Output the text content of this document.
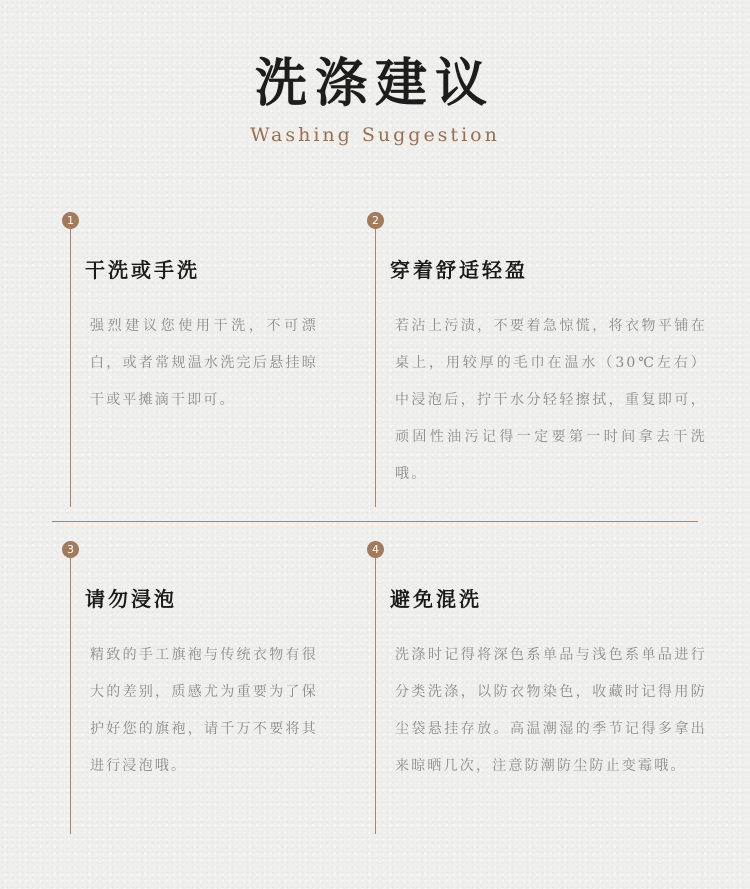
洗涤建议
Washing Suggestion
1
干洗或手洗
强烈建议您使用干洗，不可漂白，或者常规温水洗完后悬挂晾干或平摊滴干即可。
2
穿着舒适轻盈
若沾上污渍，不要着急惊慌，将衣物平铺在桌上，用较厚的毛巾在温水（30℃左右）中浸泡后，拧干水分轻轻擦拭，重复即可，顽固性油污记得一定要第一时间拿去干洗哦。
3
请勿浸泡
精致的手工旗袍与传统衣物有很大的差别，质感尤为重要为了保护好您的旗袍，请千万不要将其进行浸泡哦。
4
避免混洗
洗涤时记得将深色系单品与浅色系单品进行分类洗涤，以防衣物染色，收藏时记得用防尘袋悬挂存放。高温潮湿的季节记得多拿出来晾晒几次，注意防潮防尘防止变霉哦。
